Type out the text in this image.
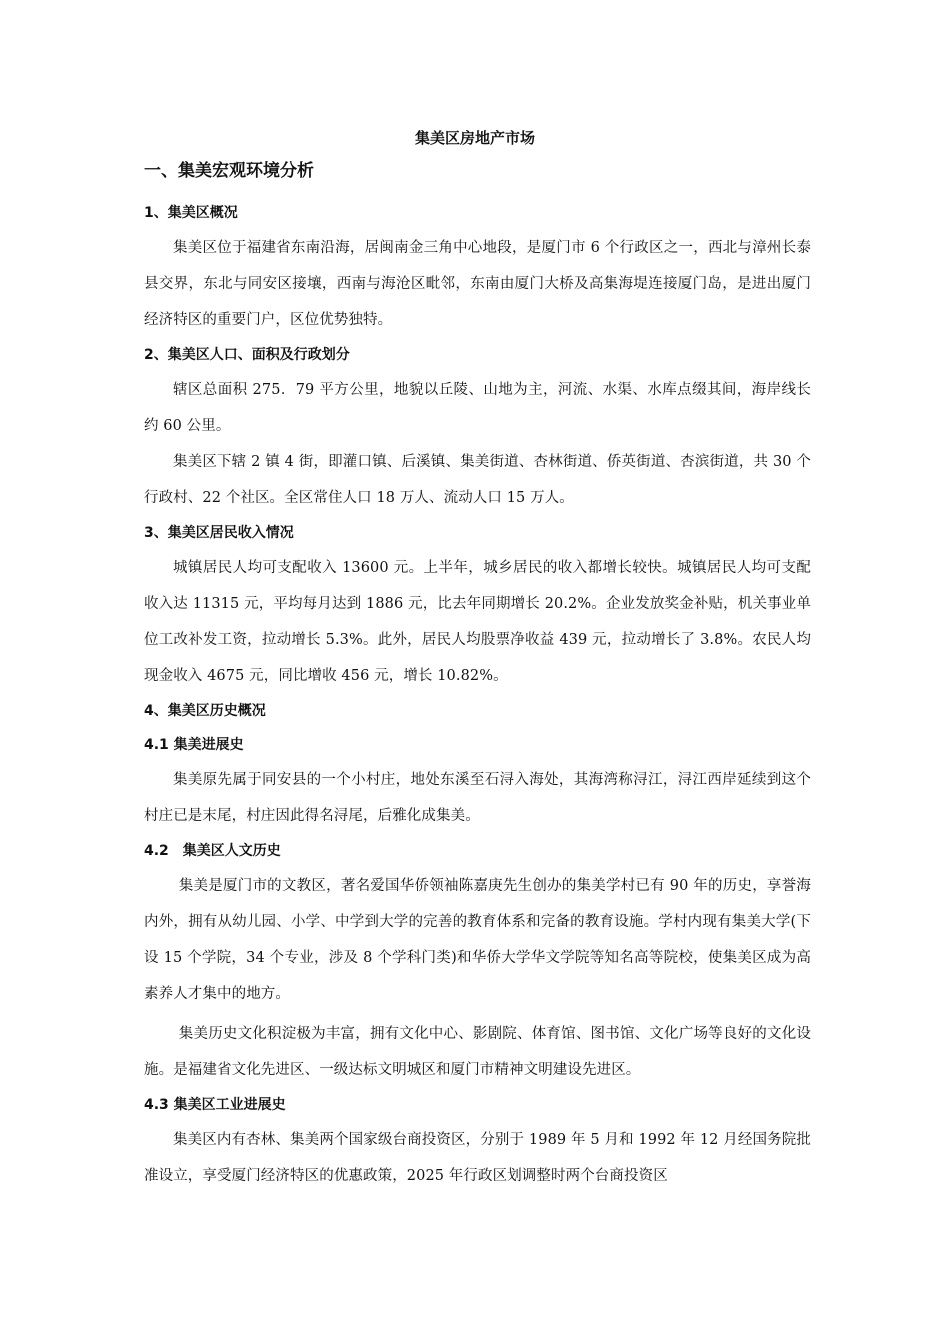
集美区房地产市场
一、集美宏观环境分析
1、集美区概况

集美区位于福建省东南沿海，居闽南金三角中心地段，是厦门市 6 个行政区之一，西北与漳州长泰县交界，东北与同安区接壤，西南与海沧区毗邻，东南由厦门大桥及高集海堤连接厦门岛，是进出厦门经济特区的重要门户，区位优势独特。

2、集美区人口、面积及行政划分

辖区总面积 275．79 平方公里，地貌以丘陵、山地为主，河流、水渠、水库点缀其间，海岸线长约 60 公里。

集美区下辖 2 镇 4 街，即灌口镇、后溪镇、集美街道、杏林街道、侨英街道、杏滨街道，共 30 个行政村、22 个社区。全区常住人口 18 万人、流动人口 15 万人。

3、集美区居民收入情况

城镇居民人均可支配收入 13600 元。上半年，城乡居民的收入都增长较快。城镇居民人均可支配收入达 11315 元，平均每月达到 1886 元，比去年同期增长 20.2%。企业发放奖金补贴，机关事业单位工改补发工资，拉动增长 5.3%。此外，居民人均股票净收益 439 元，拉动增长了 3.8%。农民人均现金收入 4675 元，同比增收 456 元，增长 10.82%。

4、集美区历史概况
4.1 集美进展史

集美原先属于同安县的一个小村庄，地处东溪至石浔入海处，其海湾称浔江，浔江西岸延续到这个村庄已是末尾，村庄因此得名浔尾，后雅化成集美。

4.2　集美区人文历史

集美是厦门市的文教区，著名爱国华侨领袖陈嘉庚先生创办的集美学村已有 90 年的历史，享誉海内外，拥有从幼儿园、小学、中学到大学的完善的教育体系和完备的教育设施。学村内现有集美大学(下设 15 个学院，34 个专业，涉及 8 个学科门类)和华侨大学华文学院等知名高等院校，使集美区成为高素养人才集中的地方。

集美历史文化积淀极为丰富，拥有文化中心、影剧院、体育馆、图书馆、文化广场等良好的文化设施。是福建省文化先进区、一级达标文明城区和厦门市精神文明建设先进区。

4.3 集美区工业进展史

集美区内有杏林、集美两个国家级台商投资区，分别于 1989 年 5 月和 1992 年 12 月经国务院批准设立，享受厦门经济特区的优惠政策，2025 年行政区划调整时两个台商投资区
